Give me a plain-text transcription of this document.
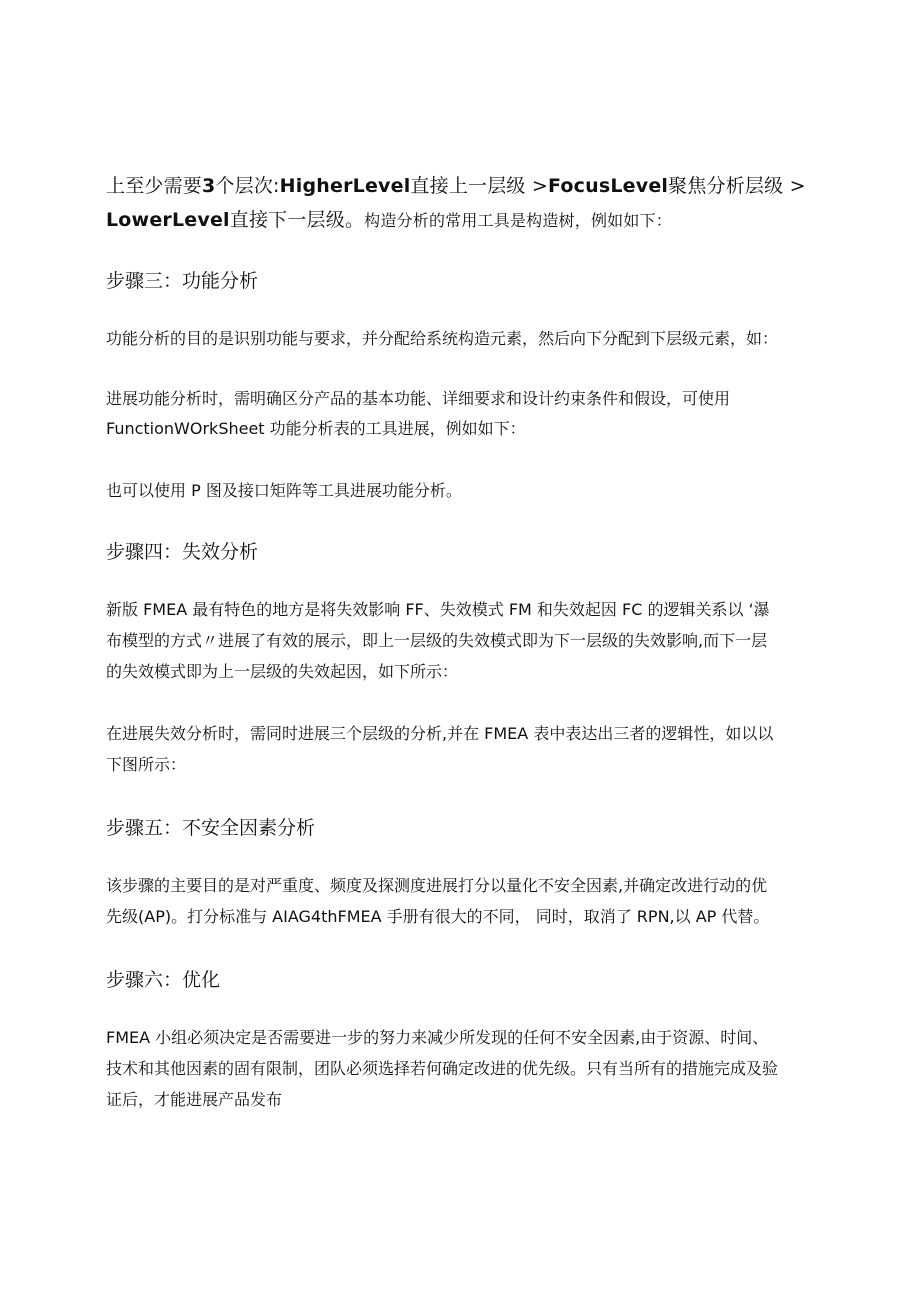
上至少需要3个层次:HigherLevel直接上一层级 >FocusLevel聚焦分析层级 >
LowerLevel直接下一层级。构造分析的常用工具是构造树，例如如下：
步骤三：功能分析
功能分析的目的是识别功能与要求，并分配给系统构造元素，然后向下分配到下层级元素，如：
进展功能分析时，需明确区分产品的基本功能、详细要求和设计约束条件和假设，可使用
FunctionWOrkSheet 功能分析表的工具进展，例如如下：
也可以使用 P 图及接口矩阵等工具进展功能分析。
步骤四：失效分析
新版 FMEA 最有特色的地方是将失效影响 FF、失效模式 FM 和失效起因 FC 的逻辑关系以 ‘瀑
布模型的方式〃进展了有效的展示，即上一层级的失效模式即为下一层级的失效影响,而下一层
的失效模式即为上一层级的失效起因，如下所示：
在进展失效分析时，需同时进展三个层级的分析,并在 FMEA 表中表达出三者的逻辑性，如以以
下图所示：
步骤五：不安全因素分析
该步骤的主要目的是对严重度、频度及探测度进展打分以量化不安全因素,并确定改进行动的优
先级(AP)。打分标准与 AIAG4thFMEA 手册有很大的不同， 同时，取消了 RPN,以 AP 代替。
步骤六：优化
FMEA 小组必须决定是否需要进一步的努力来减少所发现的任何不安全因素,由于资源、时间、
技术和其他因素的固有限制，团队必须选择若何确定改进的优先级。只有当所有的措施完成及验
证后，才能进展产品发布
